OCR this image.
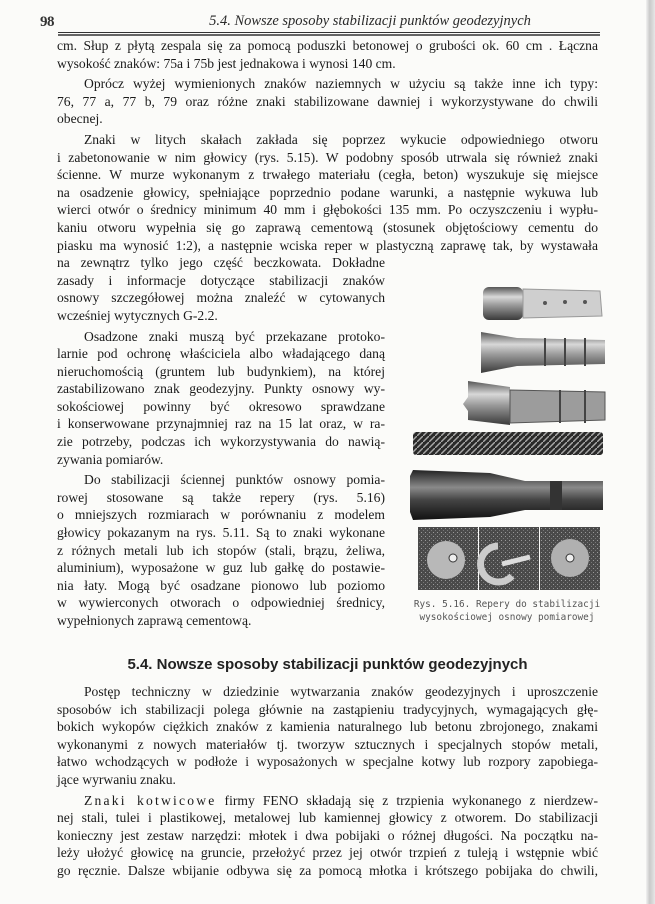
98	5.4. Nowsze sposoby stabilizacji punktów geodezyjnych
cm. Słup z płytą zespala się za pomocą poduszki betonowej o grubości ok. 60 cm . Łączna
wysokość znaków: 75a i 75b jest jednakowa i wynosi 140 cm.
Oprócz wyżej wymienionych znaków naziemnych w użyciu są także inne ich typy:
76, 77 a, 77 b, 79 oraz różne znaki stabilizowane dawniej i wykorzystywane do chwili
obecnej.
Znaki w litych skałach zakłada się poprzez wykucie odpowiedniego otworu
i zabetonowanie w nim głowicy (rys. 5.15). W podobny sposób utrwala się również znaki
ścienne. W murze wykonanym z trwałego materiału (cegła, beton) wyszukuje się miejsce
na osadzenie głowicy, spełniające poprzednio podane warunki, a następnie wykuwa lub
wierci otwór o średnicy minimum 40 mm i głębokości 135 mm. Po oczyszczeniu i wypłu-
kaniu otworu wypełnia się go zaprawą cementową (stosunek objętościowy cementu do
piasku ma wynosić 1:2), a następnie wciska reper w plastyczną zaprawę tak, by wystawała
na zewnątrz tylko jego część beczkowata. Dokładne
zasady i informacje dotyczące stabilizacji znaków
osnowy szczegółowej można znaleźć w cytowanych
wcześniej wytycznych G-2.2.
Osadzone znaki muszą być przekazane protoko-
larnie pod ochronę właściciela albo władającego daną
nieruchomością (gruntem lub budynkiem), na której
zastabilizowano znak geodezyjny. Punkty osnowy wy-
sokościowej powinny być okresowo sprawdzane
i konserwowane przynajmniej raz na 15 lat oraz, w ra-
zie potrzeby, podczas ich wykorzystywania do nawią-
zywania pomiarów.
Do stabilizacji ściennej punktów osnowy pomia-
rowej stosowane są także repery (rys. 5.16)
o mniejszych rozmiarach w porównaniu z modelem
głowicy pokazanym na rys. 5.11. Są to znaki wykonane
z różnych metali lub ich stopów (stali, brązu, żeliwa,
aluminium), wyposażone w guz lub gałkę do postawie-
nia łaty. Mogą być osadzane pionowo lub poziomo
w wywierconych otworach o odpowiedniej średnicy,
wypełnionych zaprawą cementową.
Rys. 5.16. Repery do stabilizacji
wysokościowej osnowy pomiarowej
5.4. Nowsze sposoby stabilizacji punktów geodezyjnych
Postęp techniczny w dziedzinie wytwarzania znaków geodezyjnych i uproszczenie
sposobów ich stabilizacji polega głównie na zastąpieniu tradycyjnych, wymagających głę-
bokich wykopów ciężkich znaków z kamienia naturalnego lub betonu zbrojonego, znakami
wykonanymi z nowych materiałów tj. tworzyw sztucznych i specjalnych stopów metali,
łatwo wchodzących w podłoże i wyposażonych w specjalne kotwy lub rozpory zapobiega-
jące wyrwaniu znaku.
Znaki kotwicowe firmy FENO składają się z trzpienia wykonanego z nierdzew-
nej stali, tulei i plastikowej, metalowej lub kamiennej głowicy z otworem. Do stabilizacji
konieczny jest zestaw narzędzi: młotek i dwa pobijaki o różnej długości. Na początku na-
leży ułożyć głowicę na gruncie, przełożyć przez jej otwór trzpień z tuleją i wstępnie wbić
go ręcznie. Dalsze wbijanie odbywa się za pomocą młotka i krótszego pobijaka do chwili,
